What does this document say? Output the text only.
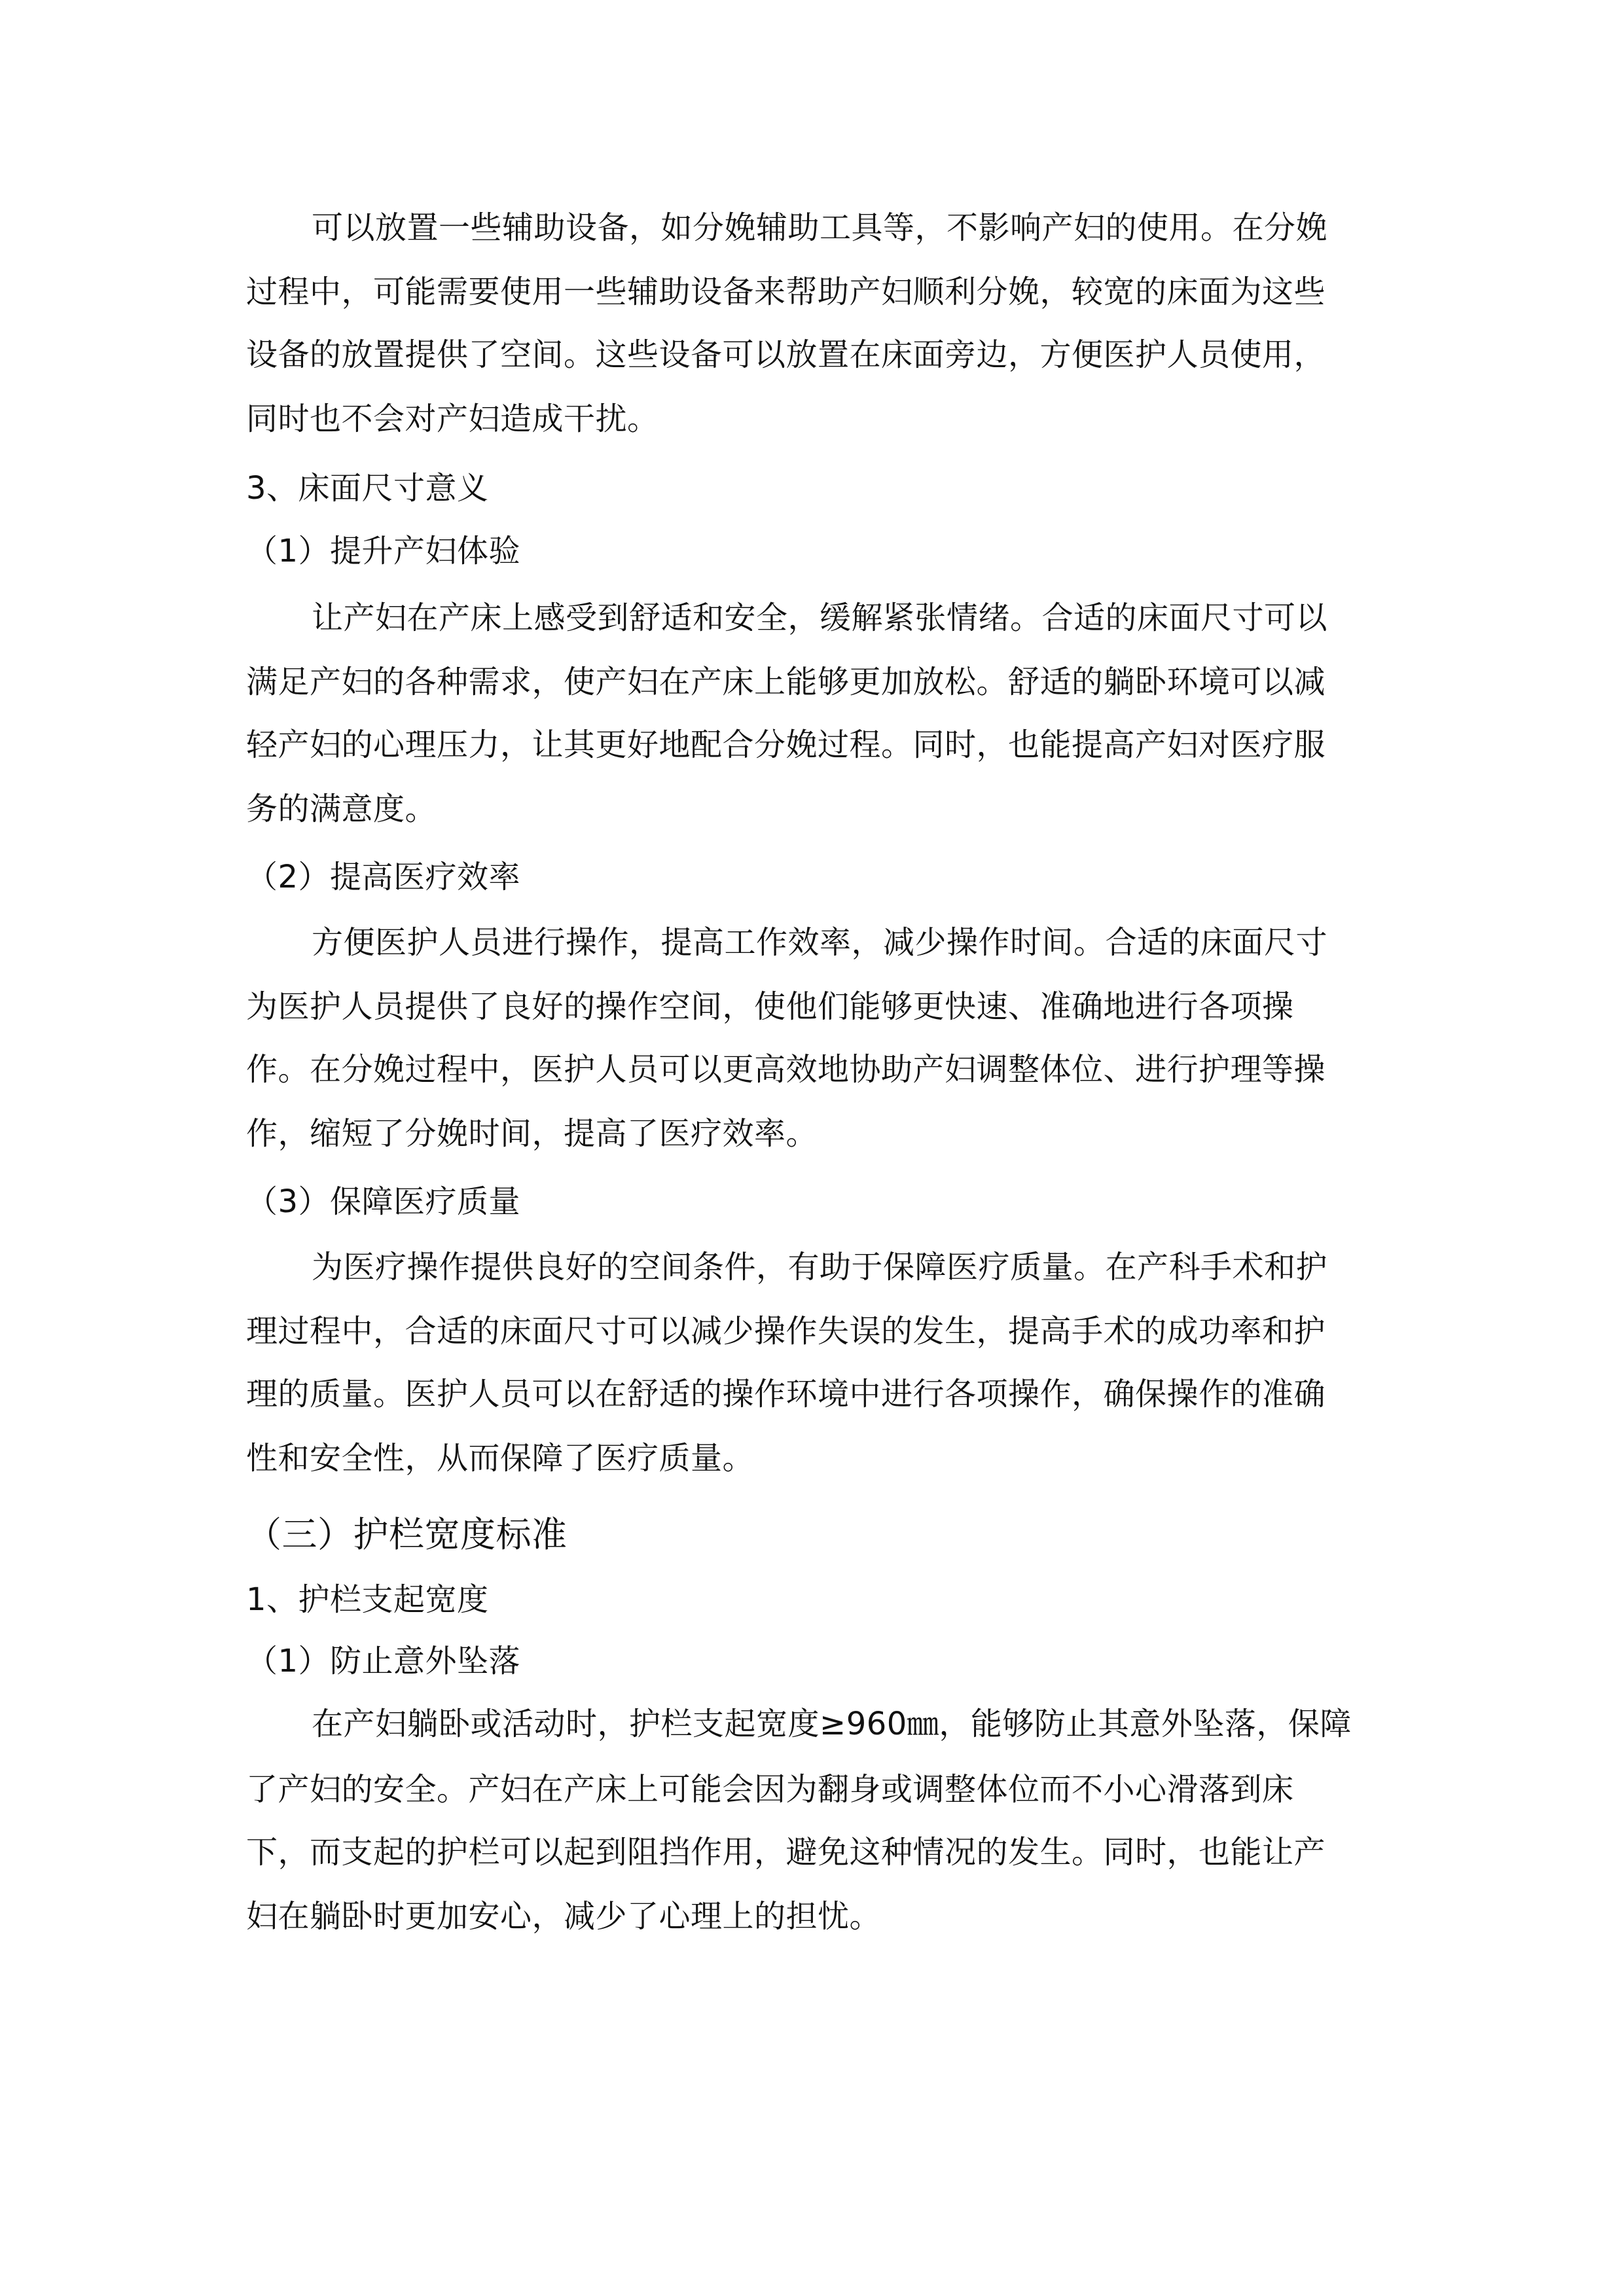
可以放置一些辅助设备，如分娩辅助工具等，不影响产妇的使用。在分娩
过程中，可能需要使用一些辅助设备来帮助产妇顺利分娩，较宽的床面为这些
设备的放置提供了空间。这些设备可以放置在床面旁边，方便医护人员使用，
同时也不会对产妇造成干扰。
3、床面尺寸意义
（1）提升产妇体验
让产妇在产床上感受到舒适和安全，缓解紧张情绪。合适的床面尺寸可以
满足产妇的各种需求，使产妇在产床上能够更加放松。舒适的躺卧环境可以减
轻产妇的心理压力，让其更好地配合分娩过程。同时，也能提高产妇对医疗服
务的满意度。
（2）提高医疗效率
方便医护人员进行操作，提高工作效率，减少操作时间。合适的床面尺寸
为医护人员提供了良好的操作空间，使他们能够更快速、准确地进行各项操
作。在分娩过程中，医护人员可以更高效地协助产妇调整体位、进行护理等操
作，缩短了分娩时间，提高了医疗效率。
（3）保障医疗质量
为医疗操作提供良好的空间条件，有助于保障医疗质量。在产科手术和护
理过程中，合适的床面尺寸可以减少操作失误的发生，提高手术的成功率和护
理的质量。医护人员可以在舒适的操作环境中进行各项操作，确保操作的准确
性和安全性，从而保障了医疗质量。
（三）护栏宽度标准
1、护栏支起宽度
（1）防止意外坠落
在产妇躺卧或活动时，护栏支起宽度≥960㎜，能够防止其意外坠落，保障
了产妇的安全。产妇在产床上可能会因为翻身或调整体位而不小心滑落到床
下，而支起的护栏可以起到阻挡作用，避免这种情况的发生。同时，也能让产
妇在躺卧时更加安心，减少了心理上的担忧。
